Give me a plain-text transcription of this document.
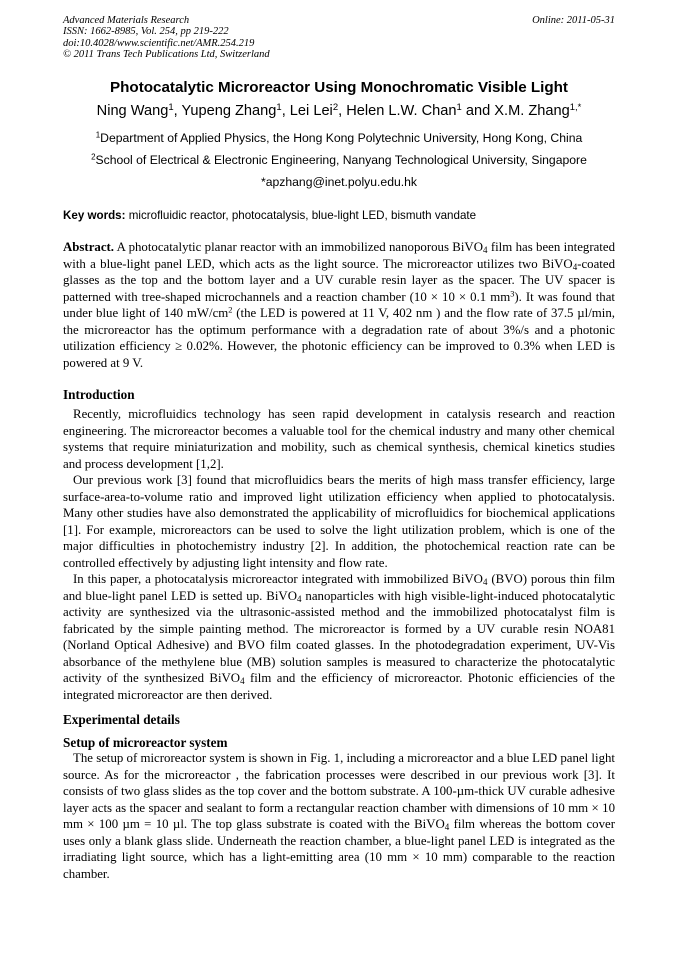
Advanced Materials Research
ISSN: 1662-8985, Vol. 254, pp 219-222
doi:10.4028/www.scientific.net/AMR.254.219
© 2011 Trans Tech Publications Ltd, Switzerland
Online: 2011-05-31
Photocatalytic Microreactor Using Monochromatic Visible Light
Ning Wang$^1$, Yupeng Zhang$^1$, Lei Lei$^2$, Helen L.W. Chan$^1$ and X.M. Zhang$^{1,*}$
$^1$Department of Applied Physics, the Hong Kong Polytechnic University, Hong Kong, China
$^2$School of Electrical & Electronic Engineering, Nanyang Technological University, Singapore
*apzhang@inet.polyu.edu.hk
Key words: microfluidic reactor, photocatalysis, blue-light LED, bismuth vandate

Abstract. A photocatalytic planar reactor with an immobilized nanoporous BiVO$_4$ film has been integrated with a blue-light panel LED, which acts as the light source. The microreactor utilizes two BiVO$_4$-coated glasses as the top and the bottom layer and a UV curable resin layer as the spacer. The UV spacer is patterned with tree-shaped microchannels and a reaction chamber (10 × 10 × 0.1 $mm^3$). It was found that under blue light of 140 $mW/cm^2$ (the LED is powered at 11 V, 402 nm ) and the flow rate of 37.5 µl/min, the microreactor has the optimum performance with a degradation rate of about 3%/s and a photonic utilization efficiency ≥ 0.02%. However, the photonic efficiency can be improved to 0.3% when LED is powered at 9 V.

Introduction

Recently, microfluidics technology has seen rapid development in catalysis research and reaction engineering. The microreactor becomes a valuable tool for the chemical industry and many other chemical systems that require miniaturization and mobility, such as chemical synthesis, chemical kinetics studies and process development [1,2].

Our previous work [3] found that microfluidics bears the merits of high mass transfer efficiency, large surface-area-to-volume ratio and improved light utilization efficiency when applied to photocatalysis. Many other studies have also demonstrated the applicability of microfluidics for biochemical applications [1]. For example, microreactors can be used to solve the light utilization problem, which is one of the major difficulties in photochemistry industry [2]. In addition, the photochemical reaction rate can be controlled effectively by adjusting light intensity and flow rate.

In this paper, a photocatalysis microreactor integrated with immobilized BiVO$_4$ (BVO) porous thin film and blue-light panel LED is setted up. BiVO$_4$ nanoparticles with high visible-light-induced photocatalytic activity are synthesized via the ultrasonic-assisted method and the immobilized photocatalyst film is fabricated by the simple painting method. The microreactor is formed by a UV curable resin NOA81 (Norland Optical Adhesive) and BVO film coated glasses. In the photodegradation experiment, UV-Vis absorbance of the methylene blue (MB) solution samples is measured to characterize the photocatalytic activity of the synthesized BiVO$_4$ film and the efficiency of microreactor. Photonic efficiencies of the integrated microreactor are then derived.

Experimental details
Setup of microreactor system

The setup of microreactor system is shown in Fig. 1, including a microreactor and a blue LED panel light source. As for the microreactor , the fabrication processes were described in our previous work [3]. It consists of two glass slides as the top cover and the bottom substrate. A 100-µm-thick UV curable adhesive layer acts as the spacer and sealant to form a rectangular reaction chamber with dimensions of 10 mm × 10 mm × 100 µm = 10 µl. The top glass substrate is coated with the BiVO$_4$ film whereas the bottom cover uses only a blank glass slide. Underneath the reaction chamber, a blue-light panel LED is integrated as the irradiating light source, which has a light-emitting area (10 mm × 10 mm) comparable to the reaction chamber.
